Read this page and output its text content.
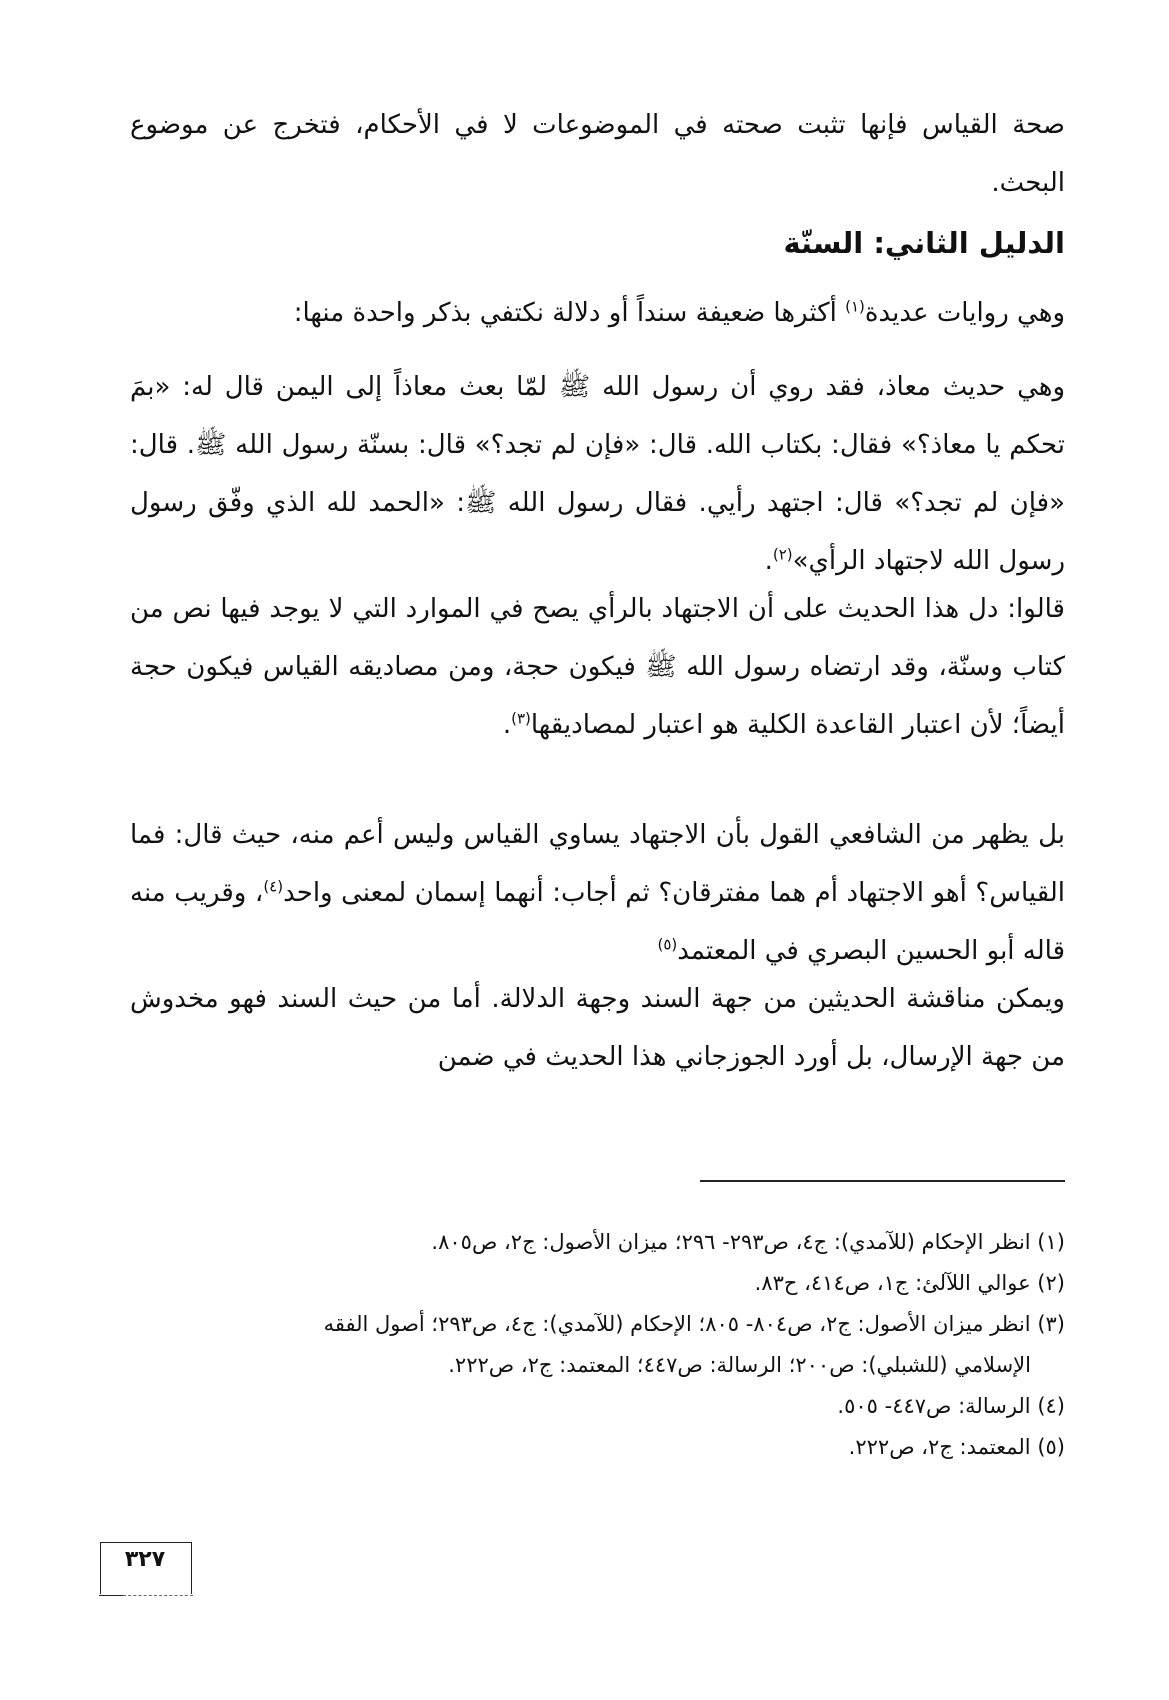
صحة القياس فإنها تثبت صحته في الموضوعات لا في الأحكام، فتخرج عن موضوع البحث.

الدليل الثاني: السنّة

وهي روايات عديدة$^{(١)}$ أكثرها ضعيفة سنداً أو دلالة نكتفي بذكر واحدة منها:

وهي حديث معاذ، فقد روي أن رسول الله ﷺ لمّا بعث معاذاً إلى اليمن قال له: «بمَ تحكم يا معاذ؟» فقال: بكتاب الله. قال: «فإن لم تجد؟» قال: بسنّة رسول الله ﷺ. قال: «فإن لم تجد؟» قال: اجتهد رأيي. فقال رسول الله ﷺ: «الحمد لله الذي وفّق رسول رسول الله لاجتهاد الرأي»$^{(٢)}$.

قالوا: دل هذا الحديث على أن الاجتهاد بالرأي يصح في الموارد التي لا يوجد فيها نص من كتاب وسنّة، وقد ارتضاه رسول الله ﷺ فيكون حجة، ومن مصاديقه القياس فيكون حجة أيضاً؛ لأن اعتبار القاعدة الكلية هو اعتبار لمصاديقها$^{(٣)}$.

بل يظهر من الشافعي القول بأن الاجتهاد يساوي القياس وليس أعم منه، حيث قال: فما القياس؟ أهو الاجتهاد أم هما مفترقان؟ ثم أجاب: أنهما إسمان لمعنى واحد$^{(٤)}$، وقريب منه قاله أبو الحسين البصري في المعتمد$^{(٥)}$

ويمكن مناقشة الحديثين من جهة السند وجهة الدلالة. أما من حيث السند فهو مخدوش من جهة الإرسال، بل أورد الجوزجاني هذا الحديث في ضمن

(١) انظر الإحكام (للآمدي): ج٤، ص٢٩٣- ٢٩٦؛ ميزان الأصول: ج٢، ص٨٠٥.

(٢) عوالي اللآلئ: ج١، ص٤١٤، ح٨٣.

(٣) انظر ميزان الأصول: ج٢، ص٨٠٤- ٨٠٥؛ الإحكام (للآمدي): ج٤، ص٢٩٣؛ أصول الفقه

الإسلامي (للشبلي): ص٢٠٠؛ الرسالة: ص٤٤٧؛ المعتمد: ج٢، ص٢٢٢.

(٤) الرسالة: ص٤٤٧- ٥٠٥.

(٥) المعتمد: ج٢، ص٢٢٢.

٣٢٧
